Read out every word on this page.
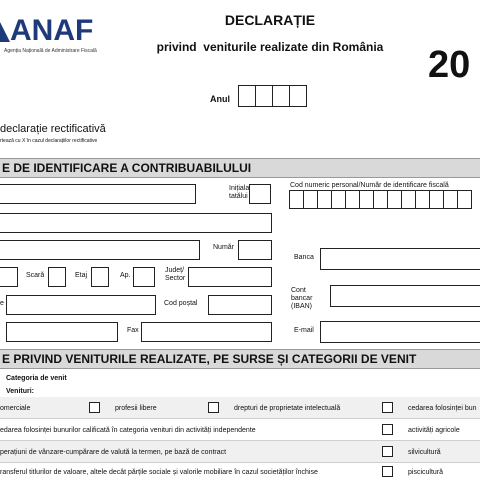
ANAF
Agenția Națională de Administrare Fiscală
DECLARAȚIE
privind  veniturile realizate din România	20
Anul
declarație rectificativă
rtează cu X în cazul declarațiilor rectificative
E DE IDENTIFICARE A CONTRIBUABILULUI
Inițiala tatălui
Cod numeric personal/Număr de identificare fiscală
Număr
Banca
Scară	Etaj	Ap.
Județ/ Sector
Cont bancar (IBAN)
e	Cod poștal
Fax	E-mail
E PRIVIND VENITURILE REALIZATE, PE SURSE ȘI CATEGORII DE VENIT
Categoria de venit
Venituri:
omerciale	profesii libere	drepturi de proprietate intelectuală	cedarea folosinței bun
edarea folosinței bunurilor calificată în categoria venituri din activități independente	activități agricole
perațiuni de vânzare-cumpărare de valută la termen, pe bază de contract	silvicultură
ransferul titlurilor de valoare, altele decât părțile sociale și valorile mobiliare în cazul societăților închise	piscicultură
